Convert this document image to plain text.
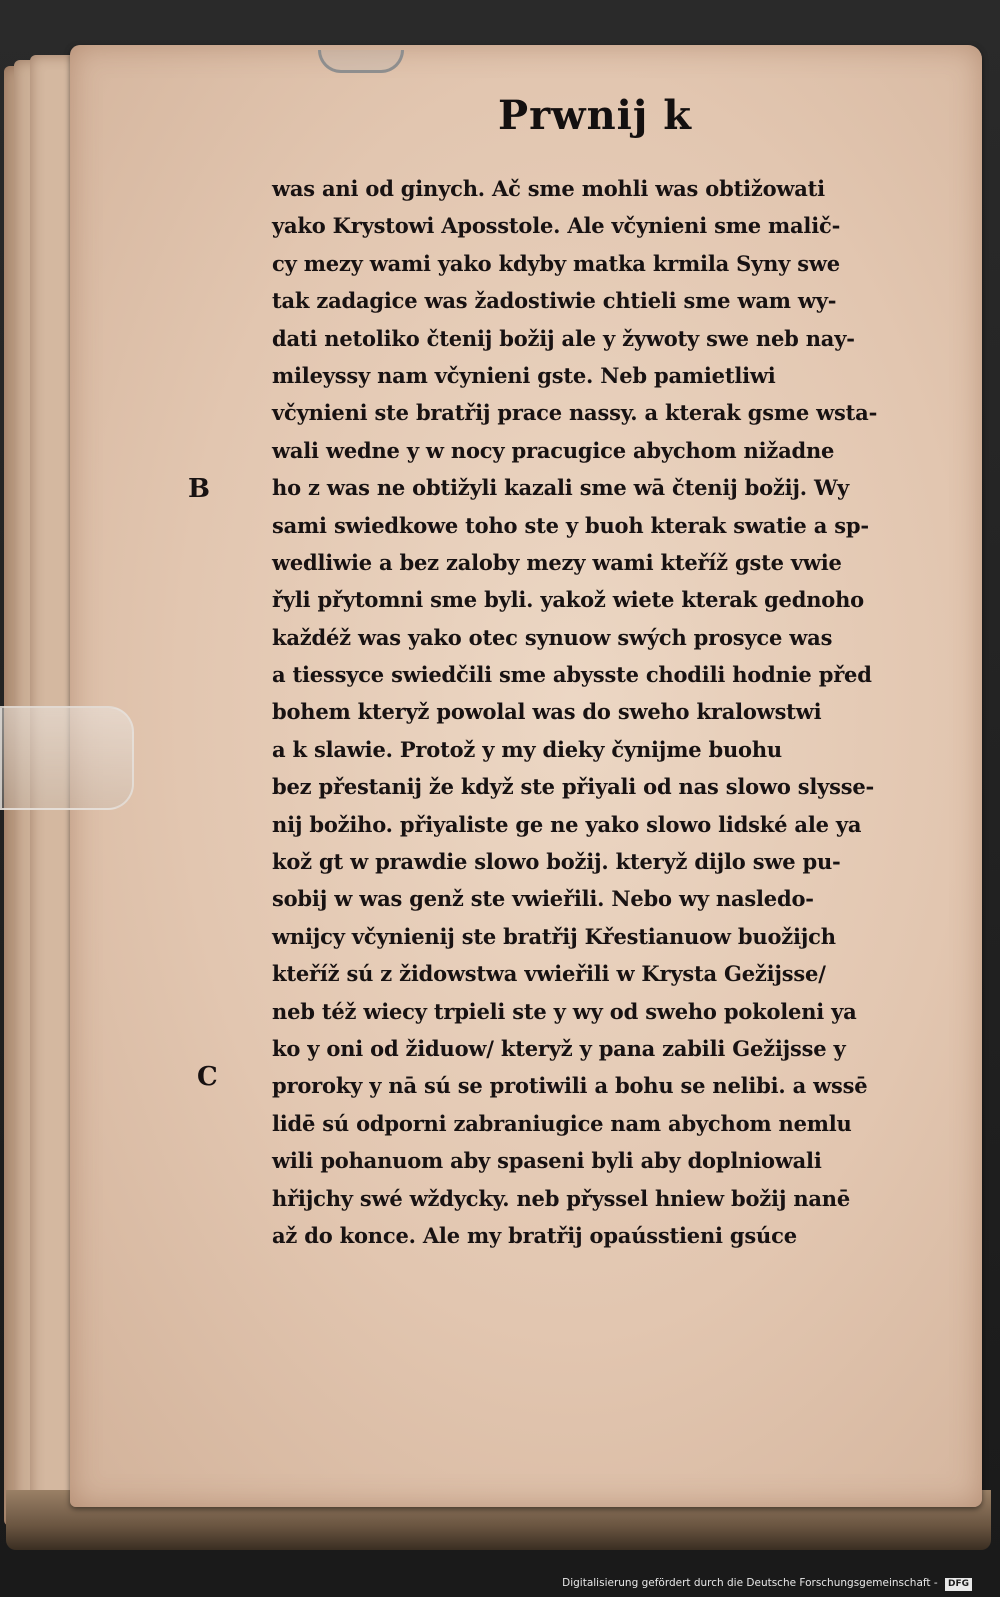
Prwnij k
B
C
was ani od ginych. Ač sme mohli was obtižowati
yako Krystowi Aposstole. Ale včynieni sme malič-
cy mezy wami yako kdyby matka krmila Syny swe
tak zadagice was žadostiwie chtieli sme wam wy-
dati netoliko čtenij božij ale y žywoty swe neb nay-
mileyssy nam včynieni gste. Neb pamietliwi
včynieni ste bratřij prace nassy. a kterak gsme wsta-
wali wedne y w nocy pracugice abychom nižadne
ho z was ne obtižyli kazali sme wā čtenij božij. Wy
sami swiedkowe toho ste y buoh kterak swatie a sp-
wedliwie a bez zaloby mezy wami kteříž gste vwie
řyli přytomni sme byli. yakož wiete kterak gednoho
každéž was yako otec synuow swých prosyce was
a tiessyce swiedčili sme abysste chodili hodnie před
bohem kteryž powolal was do sweho kralowstwi
a k slawie. Protož y my dieky čynijme buohu
bez přestanij že když ste přiyali od nas slowo slysse-
nij božiho. přiyaliste ge ne yako slowo lidské ale ya
kož gt w prawdie slowo božij. kteryž dijlo swe pu-
sobij w was genž ste vwieřili. Nebo wy nasledo-
wnijcy včynienij ste bratřij Křestianuow buožijch
kteříž sú z židowstwa vwieřili w Krysta Gežijsse/
neb též wiecy trpieli ste y wy od sweho pokoleni ya
ko y oni od židuow/ kteryž y pana zabili Gežijsse y
proroky y nā sú se protiwili a bohu se nelibi. a wssē
lidē sú odporni zabraniugice nam abychom nemlu
wili pohanuom aby spaseni byli aby doplniowali
hřijchy swé wždycky. neb přyssel hniew božij nanē
až do konce. Ale my bratřij opaússtieni gsúce
Digitalisierung gefördert durch die Deutsche Forschungsgemeinschaft - DFG
